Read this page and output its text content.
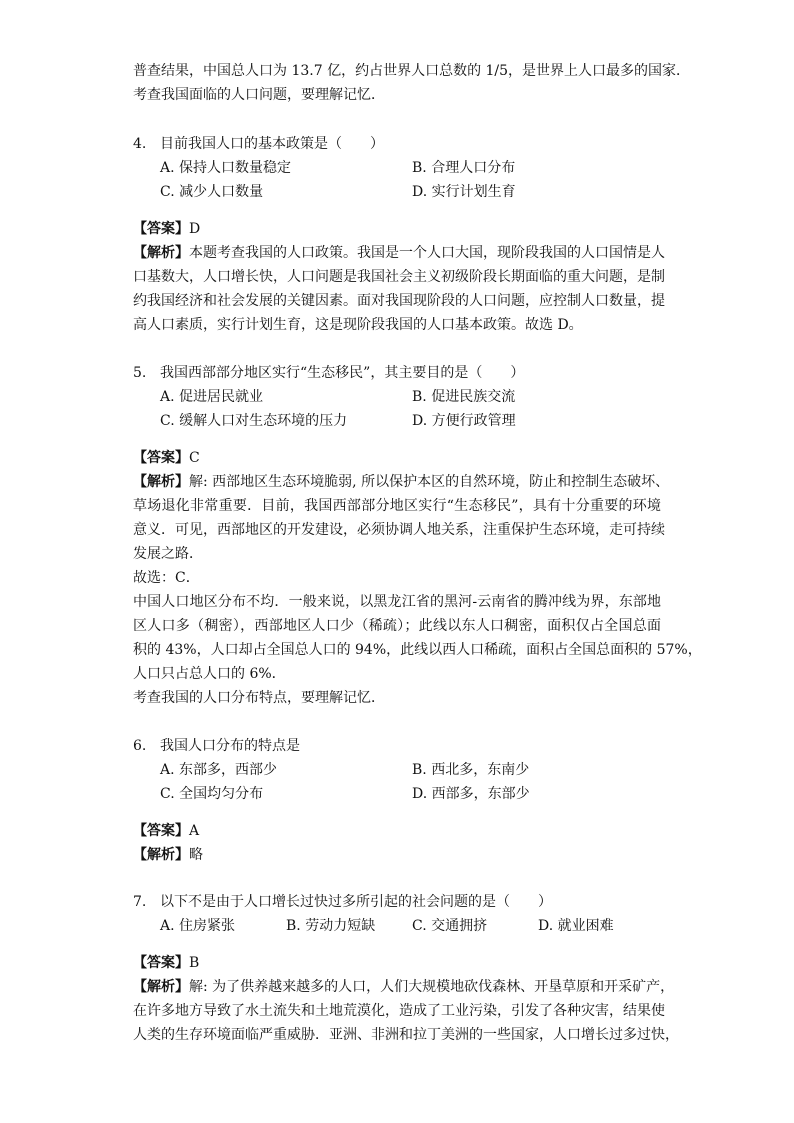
普查结果，中国总人口为 13.7 亿，约占世界人口总数的 1/5，是世界上人口最多的国家．
考查我国面临的人口问题，要理解记忆．
4. 目前我国人口的基本政策是（　　）
A. 保持人口数量稳定	B. 合理人口分布
C. 减少人口数量	D. 实行计划生育
【答案】D
【解析】本题考查我国的人口政策。我国是一个人口大国，现阶段我国的人口国情是人
口基数大，人口增长快，人口问题是我国社会主义初级阶段长期面临的重大问题，是制
约我国经济和社会发展的关键因素。面对我国现阶段的人口问题，应控制人口数量，提
高人口素质，实行计划生育，这是现阶段我国的人口基本政策。故选 D。
5. 我国西部部分地区实行“生态移民”，其主要目的是（　　）
A. 促进居民就业	B. 促进民族交流
C. 缓解人口对生态环境的压力	D. 方便行政管理
【答案】C
【解析】解: 西部地区生态环境脆弱, 所以保护本区的自然环境，防止和控制生态破坏、
草场退化非常重要．目前，我国西部部分地区实行“生态移民”，具有十分重要的环境
意义．可见，西部地区的开发建设，必须协调人地关系，注重保护生态环境，走可持续
发展之路．
故选：C．
中国人口地区分布不均．一般来说，以黑龙江省的黑河-云南省的腾冲线为界，东部地
区人口多（稠密），西部地区人口少（稀疏）；此线以东人口稠密，面积仅占全国总面
积的 43%，人口却占全国总人口的 94%，此线以西人口稀疏，面积占全国总面积的 57%，
人口只占总人口的 6%．
考查我国的人口分布特点，要理解记忆．
6. 我国人口分布的特点是
A. 东部多，西部少	B. 西北多，东南少
C. 全国均匀分布	D. 西部多，东部少
【答案】A
【解析】略
7. 以下不是由于人口增长过快过多所引起的社会问题的是（　　）
A. 住房紧张	B. 劳动力短缺	C. 交通拥挤	D. 就业困难
【答案】B
【解析】解: 为了供养越来越多的人口，人们大规模地砍伐森林、开垦草原和开采矿产，
在许多地方导致了水土流失和土地荒漠化，造成了工业污染，引发了各种灾害，结果使
人类的生存环境面临严重威胁．亚洲、非洲和拉丁美洲的一些国家，人口增长过多过快，
